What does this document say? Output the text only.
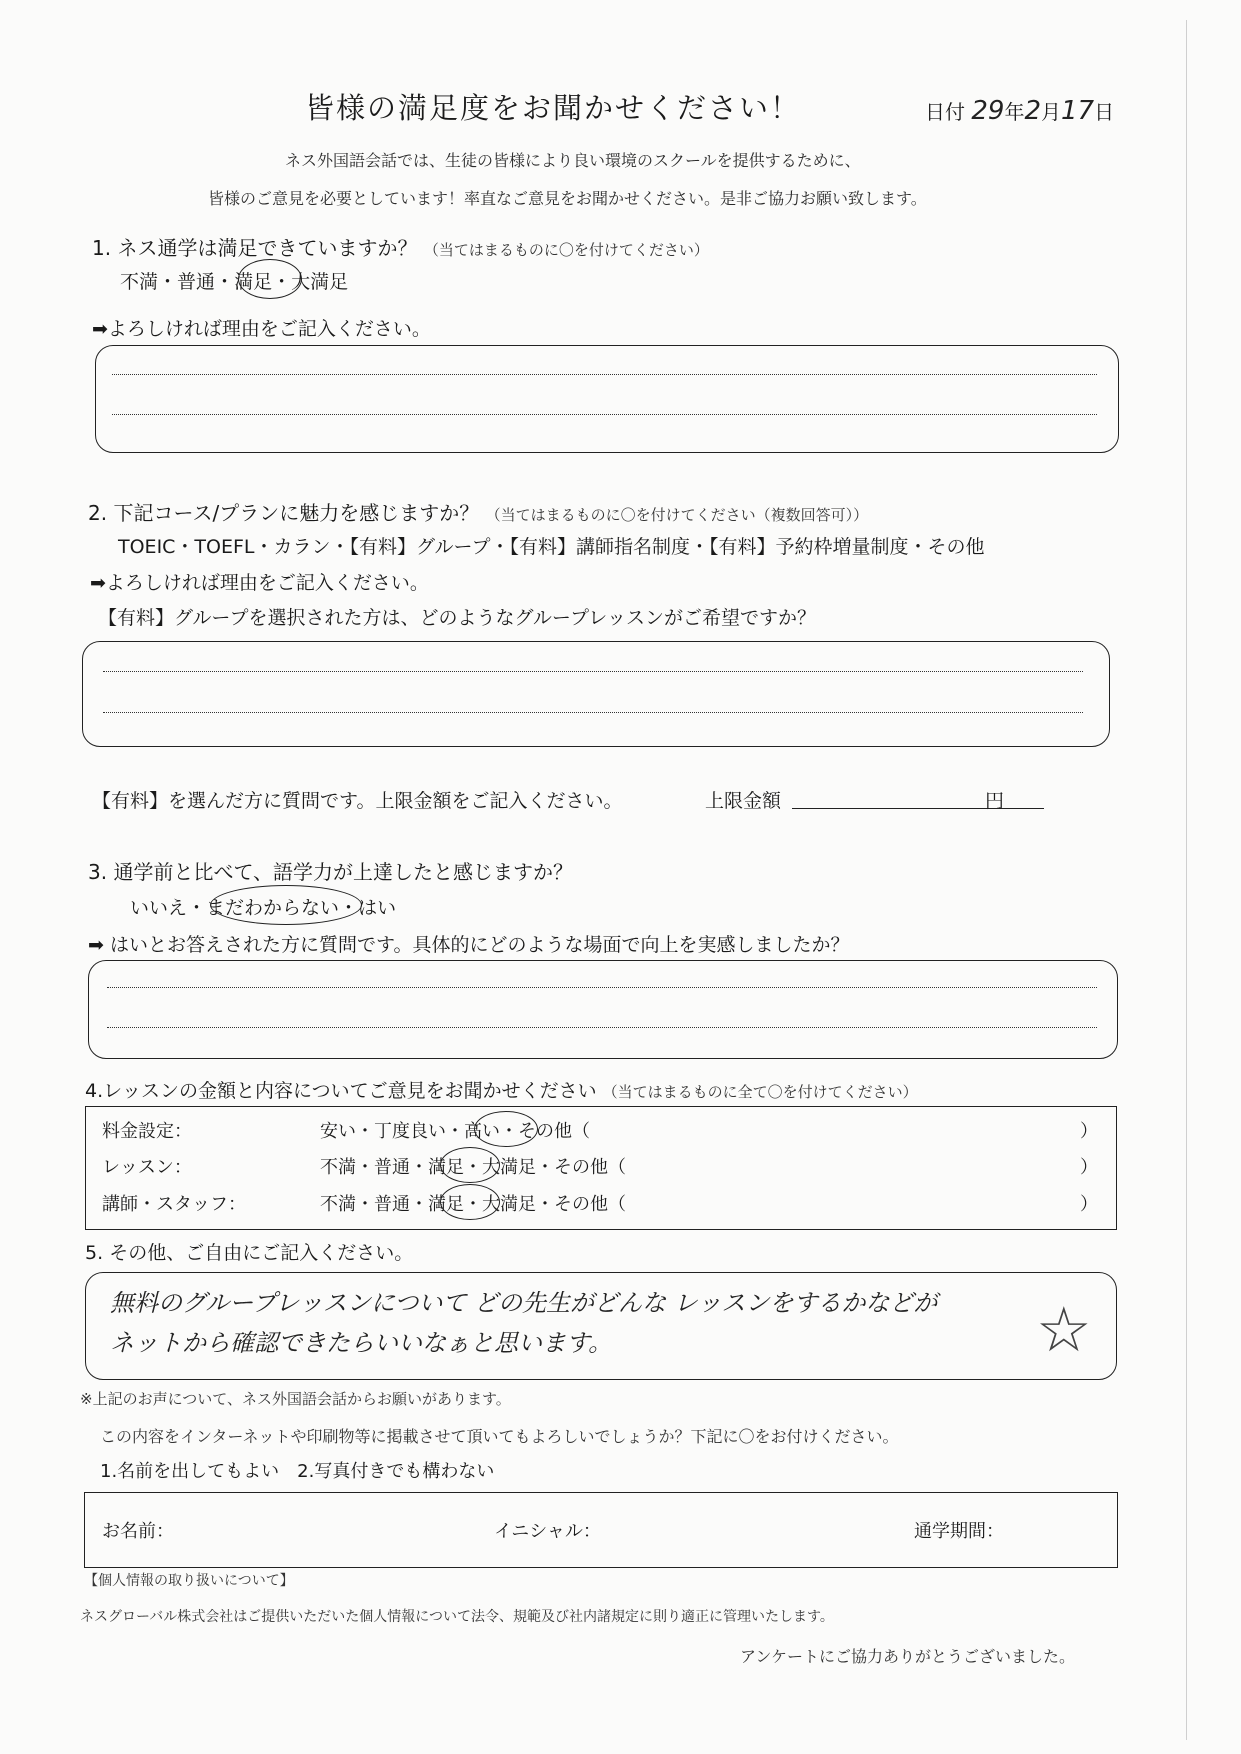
皆様の満足度をお聞かせください！	日付 29年2月17日
ネス外国語会話では、生徒の皆様により良い環境のスクールを提供するために、
皆様のご意見を必要としています！率直なご意見をお聞かせください。是非ご協力お願い致します。
1. ネス通学は満足できていますか？ （当てはまるものに〇を付けてください）
不満・普通・満足・大満足
➡よろしければ理由をご記入ください。
2. 下記コース/プランに魅力を感じますか？ （当てはまるものに〇を付けてください（複数回答可））
TOEIC・TOEFL・カラン・【有料】グループ・【有料】講師指名制度・【有料】予約枠増量制度・その他
➡よろしければ理由をご記入ください。
【有料】グループを選択された方は、どのようなグループレッスンがご希望ですか？
【有料】を選んだ方に質問です。上限金額をご記入ください。	上限金額	円
3. 通学前と比べて、語学力が上達したと感じますか？
いいえ・まだわからない・はい
➡ はいとお答えされた方に質問です。具体的にどのような場面で向上を実感しましたか？
4.レッスンの金額と内容についてご意見をお聞かせください （当てはまるものに全て〇を付けてください）
料金設定：	安い・丁度良い・高い・その他（	）
レッスン：	不満・普通・満足・大満足・その他（	）
講師・スタッフ：	不満・普通・満足・大満足・その他（	）
5. その他、ご自由にご記入ください。
無料のグループレッスンについて どの先生がどんな レッスンをするかなどが
ネットから確認できたらいいなぁと思います。	☆
※上記のお声について、ネス外国語会話からお願いがあります。
この内容をインターネットや印刷物等に掲載させて頂いてもよろしいでしょうか？下記に〇をお付けください。
1.名前を出してもよい　2.写真付きでも構わない
お名前：	イニシャル：	通学期間：
【個人情報の取り扱いについて】
ネスグローバル株式会社はご提供いただいた個人情報について法令、規範及び社内諸規定に則り適正に管理いたします。
アンケートにご協力ありがとうございました。
